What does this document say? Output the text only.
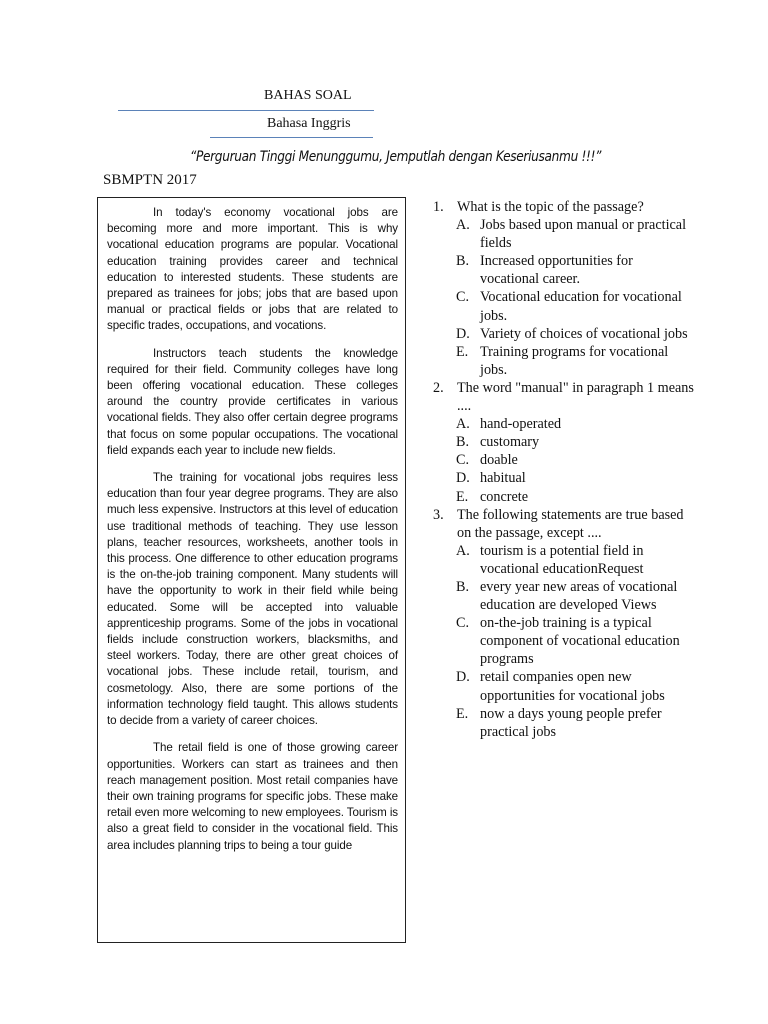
BAHAS SOAL
Bahasa Inggris
“Perguruan Tinggi Menunggumu, Jemputlah dengan Keseriusanmu !!!”
SBMPTN 2017

In today's economy vocational jobs are becoming more and more important. This is why vocational education programs are popular. Vocational education training provides career and technical education to interested students. These students are prepared as trainees for jobs; jobs that are based upon manual or practical fields or jobs that are related to specific trades, occupations, and vocations.

Instructors teach students the knowledge required for their field. Community colleges have long been offering vocational education. These colleges around the country provide certificates in various vocational fields. They also offer certain degree programs that focus on some popular occupations. The vocational field expands each year to include new fields.

The training for vocational jobs requires less education than four year degree programs. They are also much less expensive. Instructors at this level of education use traditional methods of teaching. They use lesson plans, teacher resources, worksheets, another tools in this process. One difference to other education programs is the on-the-job training component. Many students will have the opportunity to work in their field while being educated. Some will be accepted into valuable apprenticeship programs. Some of the jobs in vocational fields include construction workers, blacksmiths, and steel workers. Today, there are other great choices of vocational jobs. These include retail, tourism, and cosmetology. Also, there are some portions of the information technology field taught. This allows students to decide from a variety of career choices.

The retail field is one of those growing career opportunities. Workers can start as trainees and then reach management position. Most retail companies have their own training programs for specific jobs. These make retail even more welcoming to new employees. Tourism is also a great field to consider in the vocational field. This area includes planning trips to being a tour guide

1. What is the topic of the passage?
A. Jobs based upon manual or practical fields
B. Increased opportunities for vocational career.
C. Vocational education for vocational jobs.
D. Variety of choices of vocational jobs
E. Training programs for vocational jobs.
2. The word "manual" in paragraph 1 means ....
A. hand-operated
B. customary
C. doable
D. habitual
E. concrete
3. The following statements are true based on the passage, except ....
A. tourism is a potential field in vocational educationRequest
B. every year new areas of vocational education are developed Views
C. on-the-job training is a typical component of vocational education programs
D. retail companies open new opportunities for vocational jobs
E. now a days young people prefer practical jobs
